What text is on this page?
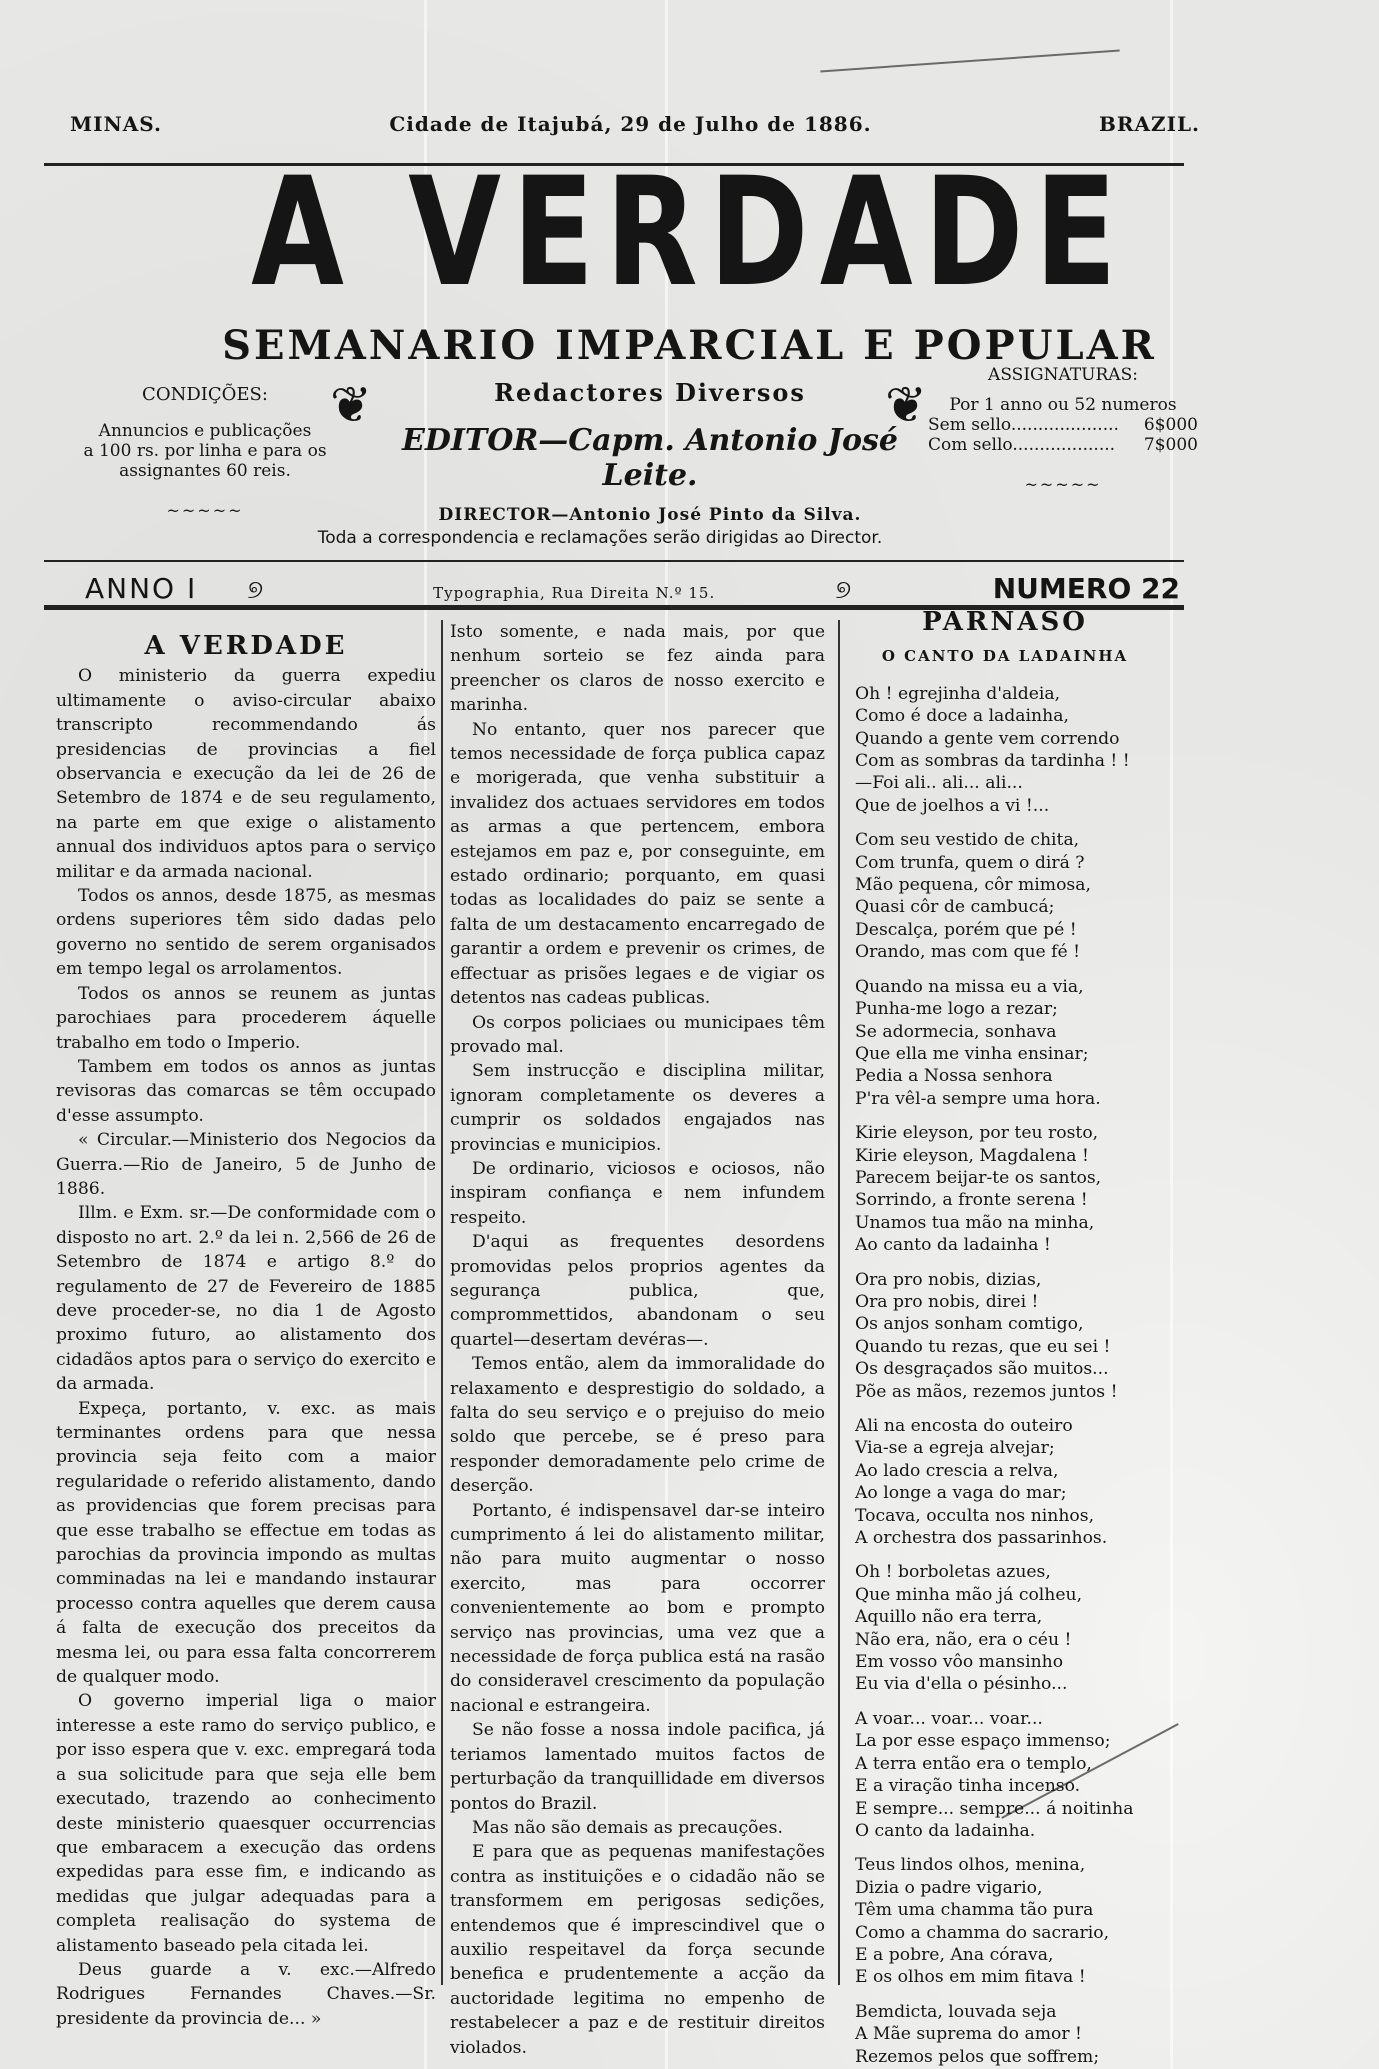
MINAS.	Cidade de Itajubá, 29 de Julho de 1886.	BRAZIL.
A VERDADE
SEMANARIO IMPARCIAL E POPULAR
CONDIÇÕES:
Annuncios e publicações
a 100 rs. por linha e para os
assignantes 60 reis.
~~~~~
❦	❦
Redactores Diversos
EDITOR—Capm. Antonio José Leite.
DIRECTOR—Antonio José Pinto da Silva.
ASSIGNATURAS:
Por 1 anno ou 52 numeros
Sem sello.................... 6$000
Com sello................... 7$000
~~~~~
Toda a correspondencia e reclamações serão dirigidas ao Director.
ANNO I ୭	Typographia, Rua Direita N.º 15.	୭	NUMERO 22
A VERDADE

O ministerio da guerra expediu ultimamente o aviso-circular abaixo transcripto recommendando ás presidencias de provincias a fiel observancia e execução da lei de 26 de Setembro de 1874 e de seu regulamento, na parte em que exige o alistamento annual dos individuos aptos para o serviço militar e da armada nacional.

Todos os annos, desde 1875, as mesmas ordens superiores têm sido dadas pelo governo no sentido de serem organisados em tempo legal os arrolamentos.

Todos os annos se reunem as juntas parochiaes para procederem áquelle trabalho em todo o Imperio.

Tambem em todos os annos as juntas revisoras das comarcas se têm occupado d'esse assumpto.

« Circular.—Ministerio dos Negocios da Guerra.—Rio de Janeiro, 5 de Junho de 1886.

Illm. e Exm. sr.—De conformidade com o disposto no art. 2.º da lei n. 2,566 de 26 de Setembro de 1874 e artigo 8.º do regulamento de 27 de Fevereiro de 1885 deve proceder-se, no dia 1 de Agosto proximo futuro, ao alistamento dos cidadãos aptos para o serviço do exercito e da armada.

Expeça, portanto, v. exc. as mais terminantes ordens para que nessa provincia seja feito com a maior regularidade o referido alistamento, dando as providencias que forem precisas para que esse trabalho se effectue em todas as parochias da provincia impondo as multas comminadas na lei e mandando instaurar processo contra aquelles que derem causa á falta de execução dos preceitos da mesma lei, ou para essa falta concorrerem de qualquer modo.

O governo imperial liga o maior interesse a este ramo do serviço publico, e por isso espera que v. exc. empregará toda a sua solicitude para que seja elle bem executado, trazendo ao conhecimento deste ministerio quaesquer occurrencias que embaracem a execução das ordens expedidas para esse fim, e indicando as medidas que julgar adequadas para a completa realisação do systema de alistamento baseado pela citada lei.

Deus guarde a v. exc.—Alfredo Rodrigues Fernandes Chaves.—Sr. presidente da provincia de... »

Isto somente, e nada mais, por que nenhum sorteio se fez ainda para preencher os claros de nosso exercito e marinha.

No entanto, quer nos parecer que temos necessidade de força publica capaz e morigerada, que venha substituir a invalidez dos actuaes servidores em todos as armas a que pertencem, embora estejamos em paz e, por conseguinte, em estado ordinario; porquanto, em quasi todas as localidades do paiz se sente a falta de um destacamento encarregado de garantir a ordem e prevenir os crimes, de effectuar as prisões legaes e de vigiar os detentos nas cadeas publicas.

Os corpos policiaes ou municipaes têm provado mal.

Sem instrucção e disciplina militar, ignoram completamente os deveres a cumprir os soldados engajados nas provincias e municipios.

De ordinario, viciosos e ociosos, não inspiram confiança e nem infundem respeito.

D'aqui as frequentes desordens promovidas pelos proprios agentes da segurança publica, que, comprommettidos, abandonam o seu quartel—desertam devéras—.

Temos então, alem da immoralidade do relaxamento e desprestigio do soldado, a falta do seu serviço e o prejuiso do meio soldo que percebe, se é preso para responder demoradamente pelo crime de deserção.

Portanto, é indispensavel dar-se inteiro cumprimento á lei do alistamento militar, não para muito augmentar o nosso exercito, mas para occorrer convenientemente ao bom e prompto serviço nas provincias, uma vez que a necessidade de força publica está na rasão do consideravel crescimento da população nacional e estrangeira.

Se não fosse a nossa indole pacifica, já teriamos lamentado muitos factos de perturbação da tranquillidade em diversos pontos do Brazil.

Mas não são demais as precauções.

E para que as pequenas manifestações contra as instituições e o cidadão não se transformem em perigosas sedições, entendemos que é imprescindivel que o auxilio respeitavel da força secunde benefica e prudentemente a acção da auctoridade legitima no empenho de restabelecer a paz e de restituir direitos violados.

PARNASO
O CANTO DA LADAINHA
Oh ! egrejinha d'aldeia,
Como é doce a ladainha,
Quando a gente vem correndo
Com as sombras da tardinha ! !
—Foi ali.. ali... ali...
Que de joelhos a vi !...
Com seu vestido de chita,
Com trunfa, quem o dirá ?
Mão pequena, côr mimosa,
Quasi côr de cambucá;
Descalça, porém que pé !
Orando, mas com que fé !
Quando na missa eu a via,
Punha-me logo a rezar;
Se adormecia, sonhava
Que ella me vinha ensinar;
Pedia a Nossa senhora
P'ra vêl-a sempre uma hora.
Kirie eleyson, por teu rosto,
Kirie eleyson, Magdalena !
Parecem beijar-te os santos,
Sorrindo, a fronte serena !
Unamos tua mão na minha,
Ao canto da ladainha !
Ora pro nobis, dizias,
Ora pro nobis, direi !
Os anjos sonham comtigo,
Quando tu rezas, que eu sei !
Os desgraçados são muitos...
Põe as mãos, rezemos juntos !
Ali na encosta do outeiro
Via-se a egreja alvejar;
Ao lado crescia a relva,
Ao longe a vaga do mar;
Tocava, occulta nos ninhos,
A orchestra dos passarinhos.
Oh ! borboletas azues,
Que minha mão já colheu,
Aquillo não era terra,
Não era, não, era o céu !
Em vosso vôo mansinho
Eu via d'ella o pésinho...
A voar... voar... voar...
La por esse espaço immenso;
A terra então era o templo,
E a viração tinha incenso.
E sempre... sempre... á noitinha
O canto da ladainha.
Teus lindos olhos, menina,
Dizia o padre vigario,
Têm uma chamma tão pura
Como a chamma do sacrario,
E a pobre, Ana córava,
E os olhos em mim fitava !
Bemdicta, louvada seja
A Mãe suprema do amor !
Rezemos pelos que soffrem;
